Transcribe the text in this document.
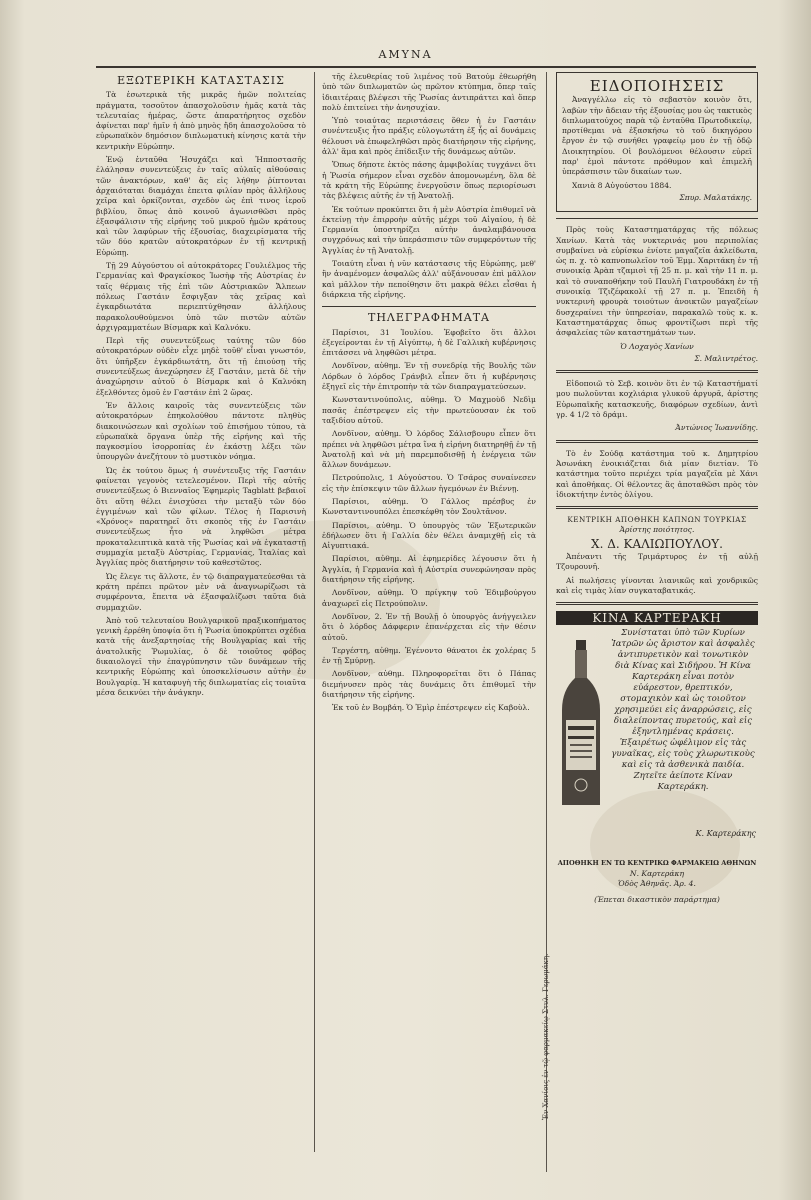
ΑΜΥΝΑ
ΕΞΩΤΕΡΙΚΗ ΚΑΤΑΣΤΑΣΙΣ

Τὰ ἐσωτερικὰ τῆς μικρᾶς ἡμῶν πολιτείας πράγματα, τοσοῦτον ἀπασχολοῦσιν ἡμᾶς κατὰ τὰς τελευταίας ἡμέρας, ὥστε ἀπαρατήρητος σχεδὸν ἀφίνεται παρ' ἡμῖν ἡ ἀπὸ μηνὸς ἤδη ἀπασχολοῦσα τὸ εὐρωπαϊκὸν δημόσιον διπλωματικὴ κίνησις κατὰ τὴν κεντρικὴν Εὐρώπην.

Ἐνῷ ἐνταῦθα Ἠσυχάζει καὶ Ἠπποστασῆς ἐλάλησαν συνεντεύξεις ἐν ταῖς αὐλαῖς αἰθούσαις τῶν ἀνακτόρων, καθ' ἃς εἰς λήθην ῥίπτονται ἀρχαιόταται διαμάχαι ἐπειτα φιλίαν πρὸς ἀλλήλους χεῖρα καὶ ὁρκίζονται, σχεδὸν ὡς ἐπὶ τινος ἱεροῦ βιβλίου, ὅπως ἀπὸ κοινοῦ ἀγωνισθῶσι πρὸς ἐξασφάλισιν τῆς εἰρήνης τοῦ μικροῦ ἡμῶν κράτους καὶ τῶν λαφύρων τῆς ἐξουσίας, διαχειρίσματα τῆς τῶν δύο κρατῶν αὐτοκρατόρων ἐν τῇ κεντρικῇ Εὐρώπῃ.

Τῇ 29 Αὐγούστου οἱ αὐτοκράτορες Γουλιέλμος τῆς Γερμανίας καὶ Φραγκίσκος Ἰωσὴφ τῆς Αὐστρίας ἐν ταῖς θέρμαις τῆς ἐπὶ τῶν Αὐστριακῶν Ἄλπεων πόλεως Γαστάιν ἔσφιγξαν τὰς χεῖρας καὶ ἐγκαρδιωτάτα περιεπτύχθησαν ἀλλήλους παρακολουθούμενοι ὑπὸ τῶν πιστῶν αὐτῶν ἀρχιγραμματέων Βίσμαρκ καὶ Καλνόκυ.

Περὶ τῆς συνεντεύξεως ταύτης τῶν δύο αὐτοκρατόρων οὐδὲν εἶχε μηδὲ τοῦθ' εἶναι γνωστόν, ὅτι ὑπῆρξεν ἐγκάρδιωτάτη, ὅτι τῇ ἐπιούσῃ τῆς συνεντεύξεως ἀνεχώρησεν ἐξ Γαστάιν, μετὰ δὲ τὴν ἀναχώρησιν αὐτοῦ ὁ Βίσμαρκ καὶ ὁ Καλνόκη ἐξελθόντες ὁμοῦ ἐν Γαστάιν ἐπὶ 2 ὥρας.

Ἐν ἄλλοις καιροῖς τὰς συνεντεύξεις τῶν αὐτοκρατόρων ἐπηκολούθου πάντοτε πληθὺς διακοινώσεων καὶ σχολίων τοῦ ἐπισήμου τύπου, τὰ εὐρωπαϊκὰ ὄργανα ὑπὲρ τῆς εἰρήνης καὶ τῆς παγκοσμίου ἰσορροπίας ἐν ἑκάστῃ λέξει τῶν ὑπουργῶν ἀνεζήτουν τὸ μυστικὸν νόημα.

Ὡς ἐκ τούτου ὅμως ἡ συνέντευξις τῆς Γαστάιν φαίνεται γεγονὸς τετελεσμένον. Περὶ τῆς αὐτῆς συνεντεύξεως ὁ Βιενναῖος Ἐφημερὶς Tagblatt βεβαιοῖ ὅτι αὕτη θέλει ἐνισχύσει τὴν μεταξὺ τῶν δύο ἐγγιμένων καὶ τῶν φίλων. Τέλος ἡ Παρισινὴ «Χρόνος» παρατηρεῖ ὅτι σκοπὸς τῆς ἐν Γαστάιν συνεντεύξεως ἦτο νὰ ληφθῶσι μέτρα προκαταλειπτικὰ κατὰ τῆς Ῥωσίας καὶ νὰ ἐγκαταστῇ συμμαχία μεταξὺ Αὐστρίας, Γερμανίας, Ἰταλίας καὶ Ἀγγλίας πρὸς διατήρησιν τοῦ καθεστῶτος.

Ὡς ἔλεγε τις ἄλλοτε, ἐν τῷ διαπραγματεύεσθαι τὰ κράτη πρέπει πρῶτον μὲν νὰ ἀναγνωρίζωσι τὰ συμφέροντα, ἔπειτα νὰ ἐξασφαλίζωσι ταῦτα διὰ συμμαχιῶν.

Ἀπὸ τοῦ τελευταίου Βουλγαρικοῦ πραξικοπήματος γενικὴ ἐρρέθη ὑποψία ὅτι ἡ Ῥωσία ὑποκρύπτει σχέδια κατὰ τῆς ἀνεξαρτησίας τῆς Βουλγαρίας καὶ τῆς ἀνατολικῆς Ῥωμυλίας, ὁ δὲ τοιοῦτος φόβος δικαιολογεῖ τὴν ἐπαγρύπνησιν τῶν δυνάμεων τῆς κεντρικῆς Εὐρώπης καὶ ὑποσκελίσωσιν αὐτὴν ἐν Βουλγαρίᾳ. Ἡ καταφυγὴ τῆς διπλωματίας εἰς τοιαῦτα μέσα δεικνύει τὴν ἀνάγκην.

τῆς ἐλευθερίας τοῦ λιμένος τοῦ Βατούμ ἐθεωρήθη ὑπὸ τῶν διπλωματῶν ὡς πρῶτον κτύπημα, ὅπερ ταῖς ἰδιαιτέραις βλέψεσι τῆς Ῥωσίας ἀντιπράττει καὶ ὅπερ πολὺ ἐπιτείνει τὴν ἀνησυχίαν.

Ὑπὸ τοιαύτας περιστάσεις ὅθεν ἡ ἐν Γαστάιν συνέντευξις ἦτο πράξις εὐλογωτάτη ἐξ ἧς αἱ δυνάμεις θέλουσι νὰ ἐπωφεληθῶσι πρὸς διατήρησιν τῆς εἰρήνης, ἀλλ' ἅμα καὶ πρὸς ἐπίδειξιν τῆς δυνάμεως αὐτῶν.

Ὅπως δήποτε ἐκτὸς πάσης ἀμφιβολίας τυγχάνει ὅτι ἡ Ῥωσία σήμερον εἶναι σχεδὸν ἀπομονωμένη, ὅλα δὲ τὰ κράτη τῆς Εὐρώπης ἐνεργοῦσιν ὅπως περιορίσωσι τὰς βλέψεις αὐτῆς ἐν τῇ Ἀνατολῇ.

Ἐκ τούτων προκύπτει ὅτι ἡ μὲν Αὐστρία ἐπιθυμεῖ νὰ ἐκτείνῃ τὴν ἐπιρροὴν αὐτῆς μέχρι τοῦ Αἰγαίου, ἡ δὲ Γερμανία ὑποστηρίζει αὐτὴν ἀναλαμβάνουσα συγχρόνως καὶ τὴν ὑπεράσπισιν τῶν συμφερόντων τῆς Ἀγγλίας ἐν τῇ Ἀνατολῇ.

Τοιαύτη εἶναι ἡ νῦν κατάστασις τῆς Εὐρώπης, μεθ' ἣν ἀναμένομεν ἀσφαλῶς ἀλλ' αὐξάνουσαν ἐπὶ μᾶλλον καὶ μᾶλλον τὴν πεποίθησιν ὅτι μακρὰ θέλει εἶσθαι ἡ διάρκεια τῆς εἰρήνης.

ΤΗΛΕΓΡΑΦΗΜΑΤΑ

Παρίσιοι, 31 Ἰουλίου. Ἐφοβεῖτο ὅτι ἄλλοι ἐξεγείρονται ἐν τῇ Αἰγύπτῳ, ἡ δὲ Γαλλικὴ κυβέρνησις ἐπιτάσσει νὰ ληφθῶσι μέτρα.

Λονδῖνον, αὐθημ. Ἐν τῇ συνεδρίᾳ τῆς Βουλῆς τῶν Λόρδων ὁ λόρδος Γράνβιλ εἶπεν ὅτι ἡ κυβέρνησις ἐξηγεῖ εἰς τὴν ἐπιτροπὴν τὰ τῶν διαπραγματεύσεων.

Κωνσταντινούπολις, αὐθημ. Ὁ Μαχμοὺδ Νεδὶμ πασᾶς ἐπέστρεψεν εἰς τὴν πρωτεύουσαν ἐκ τοῦ ταξιδίου αὐτοῦ.

Λονδῖνον, αὐθημ. Ὁ λόρδος Σάλισβουρυ εἶπεν ὅτι πρέπει νὰ ληφθῶσι μέτρα ἵνα ἡ εἰρήνη διατηρηθῇ ἐν τῇ Ἀνατολῇ καὶ νὰ μὴ παρεμποδισθῇ ἡ ἐνέργεια τῶν ἄλλων δυνάμεων.

Πετρούπολις, 1 Αὐγούστου. Ὁ Τσάρος συναίνεσεν εἰς τὴν ἐπίσκεψιν τῶν ἄλλων ἡγεμόνων ἐν Βιέννῃ.

Παρίσιοι, αὐθημ. Ὁ Γάλλος πρέσβυς ἐν Κωνσταντινουπόλει ἐπεσκέφθη τὸν Σουλτᾶνον.

Παρίσιοι, αὐθημ. Ὁ ὑπουργὸς τῶν Ἐξωτερικῶν ἐδήλωσεν ὅτι ἡ Γαλλία δὲν θέλει ἀναμιχθῇ εἰς τὰ Αἰγυπτιακά.

Παρίσιοι, αὐθημ. Αἱ ἐφημερίδες λέγουσιν ὅτι ἡ Ἀγγλία, ἡ Γερμανία καὶ ἡ Αὐστρία συνεφώνησαν πρὸς διατήρησιν τῆς εἰρήνης.

Λονδῖνον, αὐθημ. Ὁ πρίγκηψ τοῦ Ἐδιμβούργου ἀναχωρεῖ εἰς Πετρούπολιν.

Λονδῖνον, 2. Ἐν τῇ Βουλῇ ὁ ὑπουργὸς ἀνήγγειλεν ὅτι ὁ λόρδος Δάφφεριν ἐπανέρχεται εἰς τὴν θέσιν αὐτοῦ.

Τεργέστη, αὐθημ. Ἐγένοντο θάνατοι ἐκ χολέρας 5 ἐν τῇ Σμύρνῃ.

Λονδῖνον, αὐθημ. Πληροφορεῖται ὅτι ὁ Πάπας διεμήνυσεν πρὸς τὰς δυνάμεις ὅτι ἐπιθυμεῖ τὴν διατήρησιν τῆς εἰρήνης.

Ἐκ τοῦ ἐν Βομβάη. Ὁ Ἐμὶρ ἐπέστρεψεν εἰς Καβοὺλ.

Ἐν Χανίοις ἐν τῷ φαρμακείῳ Στυλ. Γερωμάκη.
ΕΙΔΟΠΟΙΗΣΕΙΣ

Ἀναγγέλλω εἰς τὸ σεβαστὸν κοινὸν ὅτι, λαβὼν τὴν ἄδειαν τῆς ἐξουσίας μου ὡς τακτικὸς διπλωματούχος παρὰ τῷ ἐνταῦθα Πρωτοδικείῳ, προτίθεμαι νὰ ἐξασκήσω τὸ τοῦ δικηγόρου ἔργον ἐν τῷ συνήθει γραφείῳ μου ἐν τῇ ὁδῷ Διοικητηρίου. Οἱ βουλόμενοι θέλουσιν εὑρεῖ παρ' ἐμοὶ πάντοτε πρόθυμον καὶ ἐπιμελῆ ὑπεράσπισιν τῶν δικαίων των.

Χανιὰ 8 Αὐγούστου 1884.
Σπυρ. Μαλατάκης.

Πρὸς τοὺς Καταστηματάρχας τῆς πόλεως Χανίων. Κατὰ τὰς νυκτερινάς μου περιπολίας συμβαίνει νὰ εὑρίσκω ἐνίοτε μαγαζεῖα ἀκλείδωτα, ὡς π. χ. τὸ καπνοπωλεῖον τοῦ Ἐμμ. Χαριτάκη ἐν τῇ συνοικίᾳ Ἀρὰπ τζαμισὶ τῇ 25 π. μ. καὶ τὴν 11 π. μ. καὶ τὸ συναποθήκην τοῦ Παυλῆ Γιατρουδάκη ἐν τῇ συνοικίᾳ Τζιζέφακολί τῇ 27 π. μ. Ἐπειδὴ ἡ νυκτερινὴ φρουρὰ τοιούτων ἀνοικτῶν μαγαζείων δυσχεραίνει τὴν ὑπηρεσίαν, παρακαλῶ τοὺς κ. κ. Καταστηματάρχας ὅπως φροντίζωσι περὶ τῆς ἀσφαλείας τῶν καταστημάτων των.

Ὁ Λοχαγὸς Χανίων
Σ. Μαλιντρέτος.

Εἰδοποιῶ τὸ Σεβ. κοινὸν ὅτι ἐν τῷ Καταστήματί μου πωλοῦνται κοχλιάρια γλυκοῦ ἀργυρᾶ, ἀρίστης Εὐρωπαϊκῆς κατασκευῆς, διαφόρων σχεδίων, ἀντὶ γρ. 4 1/2 τὸ δράμι.

Ἀντώνιος Ἰωαννίδης.

Τὸ ἐν Σούδᾳ κατάστημα τοῦ κ. Δημητρίου Ἀσωνάκη ἐνοικιάζεται διὰ μίαν διετίαν. Τὸ κατάστημα τοῦτο περιέχει τρία μαγαζεῖα μὲ Χάνι καὶ ἀποθήκας. Οἱ θέλοντες ἂς ἀποταθῶσι πρὸς τὸν ἰδιοκτήτην ἐντὸς ὀλίγου.

ΚΕΝΤΡΙΚΗ ΑΠΟΘΗΚΗ ΚΑΠΝΩΝ ΤΟΥΡΚΙΑΣ
Ἀρίστης ποιότητος.
Χ. Δ. ΚΑΛΙΩΠΟΥΛΟΥ.

Ἀπέναντι τῆς Τριμάρτυρος ἐν τῇ αὐλῇ Τζουρουνῆ.

Αἱ πωλήσεις γίνονται λιανικῶς καὶ χονδρικῶς καὶ εἰς τιμὰς λίαν συγκαταβατικάς.

ΚΙΝΑ ΚΑΡΤΕΡΑΚΗ
Συνίσταται ὑπὸ τῶν Κυρίων Ἰατρῶν ὡς ἄριστον καὶ ἀσφαλὲς ἀντιπυρετικὸν καὶ τονωτικὸν διὰ Κίνας καὶ Σιδήρου. Ἡ Κίνα Καρτεράκη εἶναι ποτὸν εὐάρεστον, θρεπτικόν, στομαχικὸν καὶ ὡς τοιοῦτον χρησιμεύει εἰς ἀναρρώσεις, εἰς διαλείποντας πυρετούς, καὶ εἰς ἐξηντλημένας κράσεις. Ἐξαιρέτως ὠφέλιμον εἰς τὰς γυναῖκας, εἰς τοὺς χλωρωτικοὺς καὶ εἰς τὰ ἀσθενικὰ παιδία. Ζητεῖτε ἀείποτε Κίναν Καρτεράκη.
Κ. Καρτεράκης
ΑΠΟΘΗΚΗ ΕΝ ΤΩ ΚΕΝΤΡΙΚΩ ΦΑΡΜΑΚΕΙΩ ΑΘΗΝΩΝ
Ν. Καρτεράκη
Ὁδὸς Ἀθηνᾶς. Ἀρ. 4.
(Ἐπεται δικαστικὸν παράρτημα)
